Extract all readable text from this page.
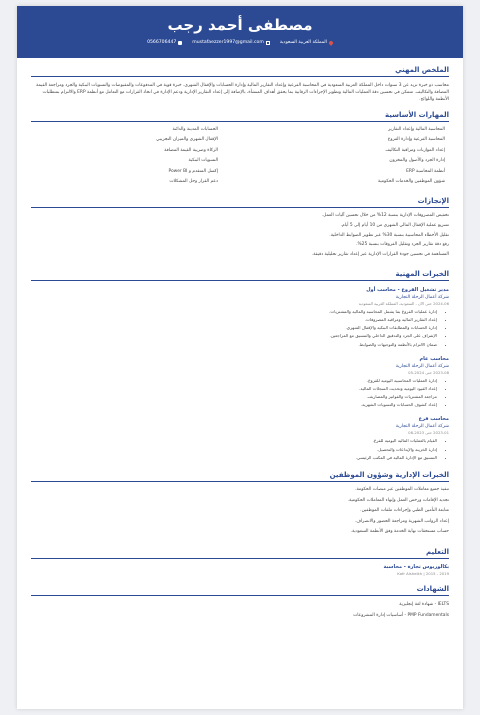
مصطفى أحمد رجب
المملكة العربية السعودية
mustafaezzer1997@gmail.com
0566706447
الملخص المهني

محاسب ذو خبرة تزيد عن 3 سنوات داخل المملكة العربية السعودية في المحاسبة الفرعية وإعداد التقارير المالية وإدارة الحسابات والإقفال الشهري. خبرة قوية في المدفوعات والمقبوضات والتسويات البنكية والجرد ومراجعة القيمة المضافة والتكاليف. متمكن في تحسين دقة العمليات المالية وتطوير الإجراءات الرقابية بما يحقق أهداف المنشأة، بالإضافة إلى إعداد التقارير الإدارية ودعم الإدارة في اتخاذ القرارات مع التعامل مع أنظمة ERP والالتزام بمتطلبات الأنظمة واللوائح.

المهارات الأساسية
المحاسبة المالية وإعداد التقارير
الحسابات المدينة والدائنة
المحاسبة الفرعية وإدارة الفروع
الإقفال الشهري والميزان التجريبي
إعداد الموازنات ومراقبة التكاليف
الزكاة وضريبة القيمة المضافة
إدارة الجرد والأصول والمخزون
التسويات البنكية
أنظمة المحاسبة ERP
إكسل المتقدم و Power BI
شؤون الموظفين والخدمات الحكومية
دعم القرار وحل المشكلات
الإنجازات
تخفيض المصروفات الإدارية بنسبة 12% من خلال تحسين آليات العمل.
تسريع عملية الإقفال المالي الشهري من 10 أيام إلى 5 أيام.
تقليل الأخطاء المحاسبية بنسبة 30% عبر تطوير الضوابط الداخلية.
رفع دقة تقارير الجرد وتقليل الفروقات بنسبة 25%.
المساهمة في تحسين جودة القرارات الإدارية عبر إعداد تقارير تحليلية دقيقة.
الخبرات المهنية
مدير تشغيل الفروع - محاسب أول
شركة أعمال الرحلة التجارية
2024-06 حتى الآن - السعودية، المملكة العربية السعودية
• إدارة عمليات الفروع بما يشمل المحاسبة والمالية والمشتريات.
• إعداد التقارير المالية ومراقبة المصروفات.
• إدارة الحسابات والمطابقات البنكية والإقفال الشهري.
• الإشراف على الجرد والتدقيق الداخلي والتنسيق مع المراجعين.
• ضمان الالتزام بالأنظمة والتوجيهات والضوابط.
محاسب عام
شركة أعمال الرحلة التجارية
2023-08 حتى 2024-05
• إدارة العمليات المحاسبية اليومية للفروع.
• إعداد القيود اليومية وتحديث السجلات المالية.
• مراجعة المشتريات والفواتير والمصاريف.
• إعداد كشوف الحسابات والتسويات الشهرية.
محاسب فرع
شركة أعمال الرحلة التجارية
2023-01 حتى 2023-08
• القيام بالعمليات المالية اليومية للفرع.
• إدارة الخزينة والإيداعات والتحصيل.
• التنسيق مع الإدارة المالية في المكتب الرئيسي.
الخبرات الإدارية وشؤون الموظفين
تنفيذ جميع معاملات الموظفين عبر منصات الحكومة.
تجديد الإقامات ورخص العمل وإنهاء المعاملات الحكومية.
متابعة التأمين الطبي وإجراءات ملفات الموظفين.
إعداد الرواتب الشهرية ومراجعة الحضور والانصراف.
حساب مستحقات نهاية الخدمة وفق الأنظمة السعودية.
التعليم
بكالوريوس تجارة - محاسبة
2019 - 2015 | Kafr Alsheikh
الشهادات
IELTS - شهادة لغة إنجليزية
PMP Fundamentals - أساسيات إدارة المشروعات
